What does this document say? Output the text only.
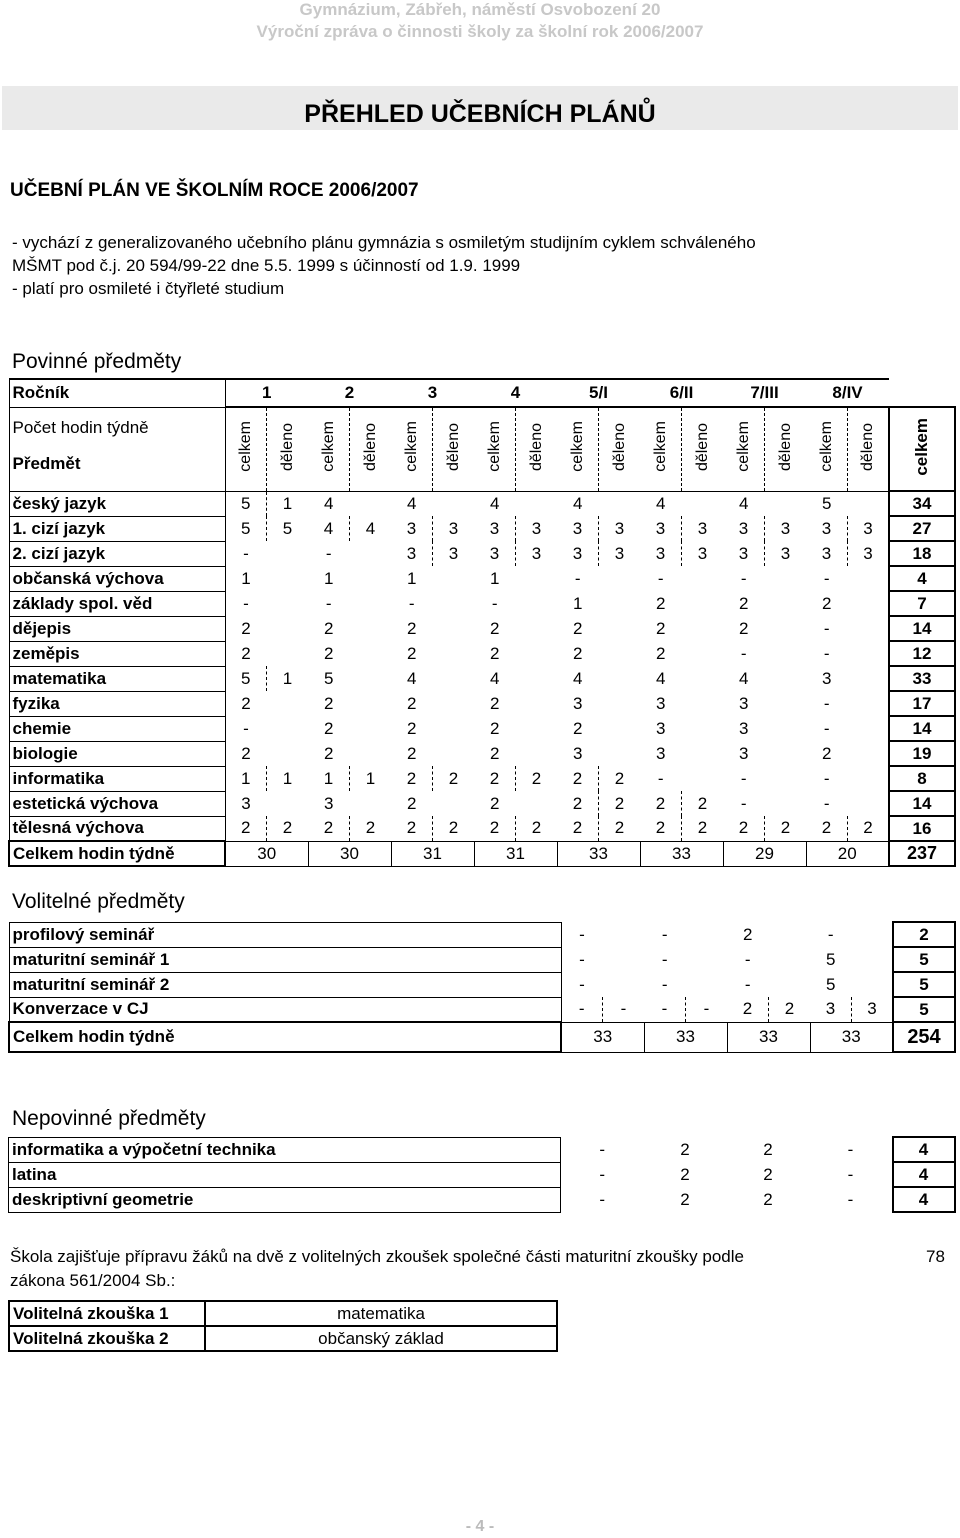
Gymnázium, Zábřeh, náměstí Osvobození 20
Výroční zpráva o činnosti školy za školní rok 2006/2007
PŘEHLED UČEBNÍCH PLÁNŮ
UČEBNÍ PLÁN VE ŠKOLNÍM ROCE 2006/2007
- vychází z generalizovaného učebního plánu gymnázia s osmiletým studijním cyklem schváleného
MŠMT pod č.j. 20 594/99-22 dne 5.5. 1999 s účinností od 1.9. 1999
- platí pro osmileté i čtyřleté studium
Povinné předměty
Ročník	1		2		3		4		5/I		6/II		7/III		8/IV		

Počet hodin týdně
Předmět	celkem	děleno	celkem	děleno	celkem	děleno	celkem	děleno	celkem	děleno	celkem	děleno	celkem	děleno	celkem	děleno	celkem
český jazyk	5	1	4		4		4		4		4		4		5		34
1. cizí jazyk	5	5	4	4	3	3	3	3	3	3	3	3	3	3	3	3	27
2. cizí jazyk	-		-		3	3	3	3	3	3	3	3	3	3	3	3	18
občanská výchova	1		1		1		1		-		-		-		-		4
základy spol. věd	-		-		-		-		1		2		2		2		7
dějepis	2		2		2		2		2		2		2		-		14
zeměpis	2		2		2		2		2		2		-		-		12
matematika	5	1	5		4		4		4		4		4		3		33
fyzika	2		2		2		2		3		3		3		-		17
chemie	-		2		2		2		2		3		3		-		14
biologie	2		2		2		2		3		3		3		2		19
informatika	1	1	1	1	2	2	2	2	2	2	-		-		-		8
estetická výchova	3		3		2		2		2	2	2	2	-		-		14
tělesná výchova	2	2	2	2	2	2	2	2	2	2	2	2	2	2	2	2	16
Celkem hodin týdně	30		30		31		31		33		33		29		20		237
Volitelné předměty
profilový seminář	-		-		2		-		2
maturitní seminář 1	-		-		-		5		5
maturitní seminář 2	-		-		-		5		5
Konverzace v CJ	-	-	-	-	2	2	3	3	5
Celkem hodin týdně	33		33		33		33		254
Nepovinné předměty
informatika a výpočetní technika	-	2	2	-	4
latina	-	2	2	-	4
deskriptivní geometrie	-	2	2	-	4
Škola zajišťuje přípravu žáků na dvě z volitelných zkoušek společné části maturitní zkoušky podle
zákona 561/2004 Sb.:
78
Volitelná zkouška 1	matematika
Volitelná zkouška 2	občanský základ
- 4 -
